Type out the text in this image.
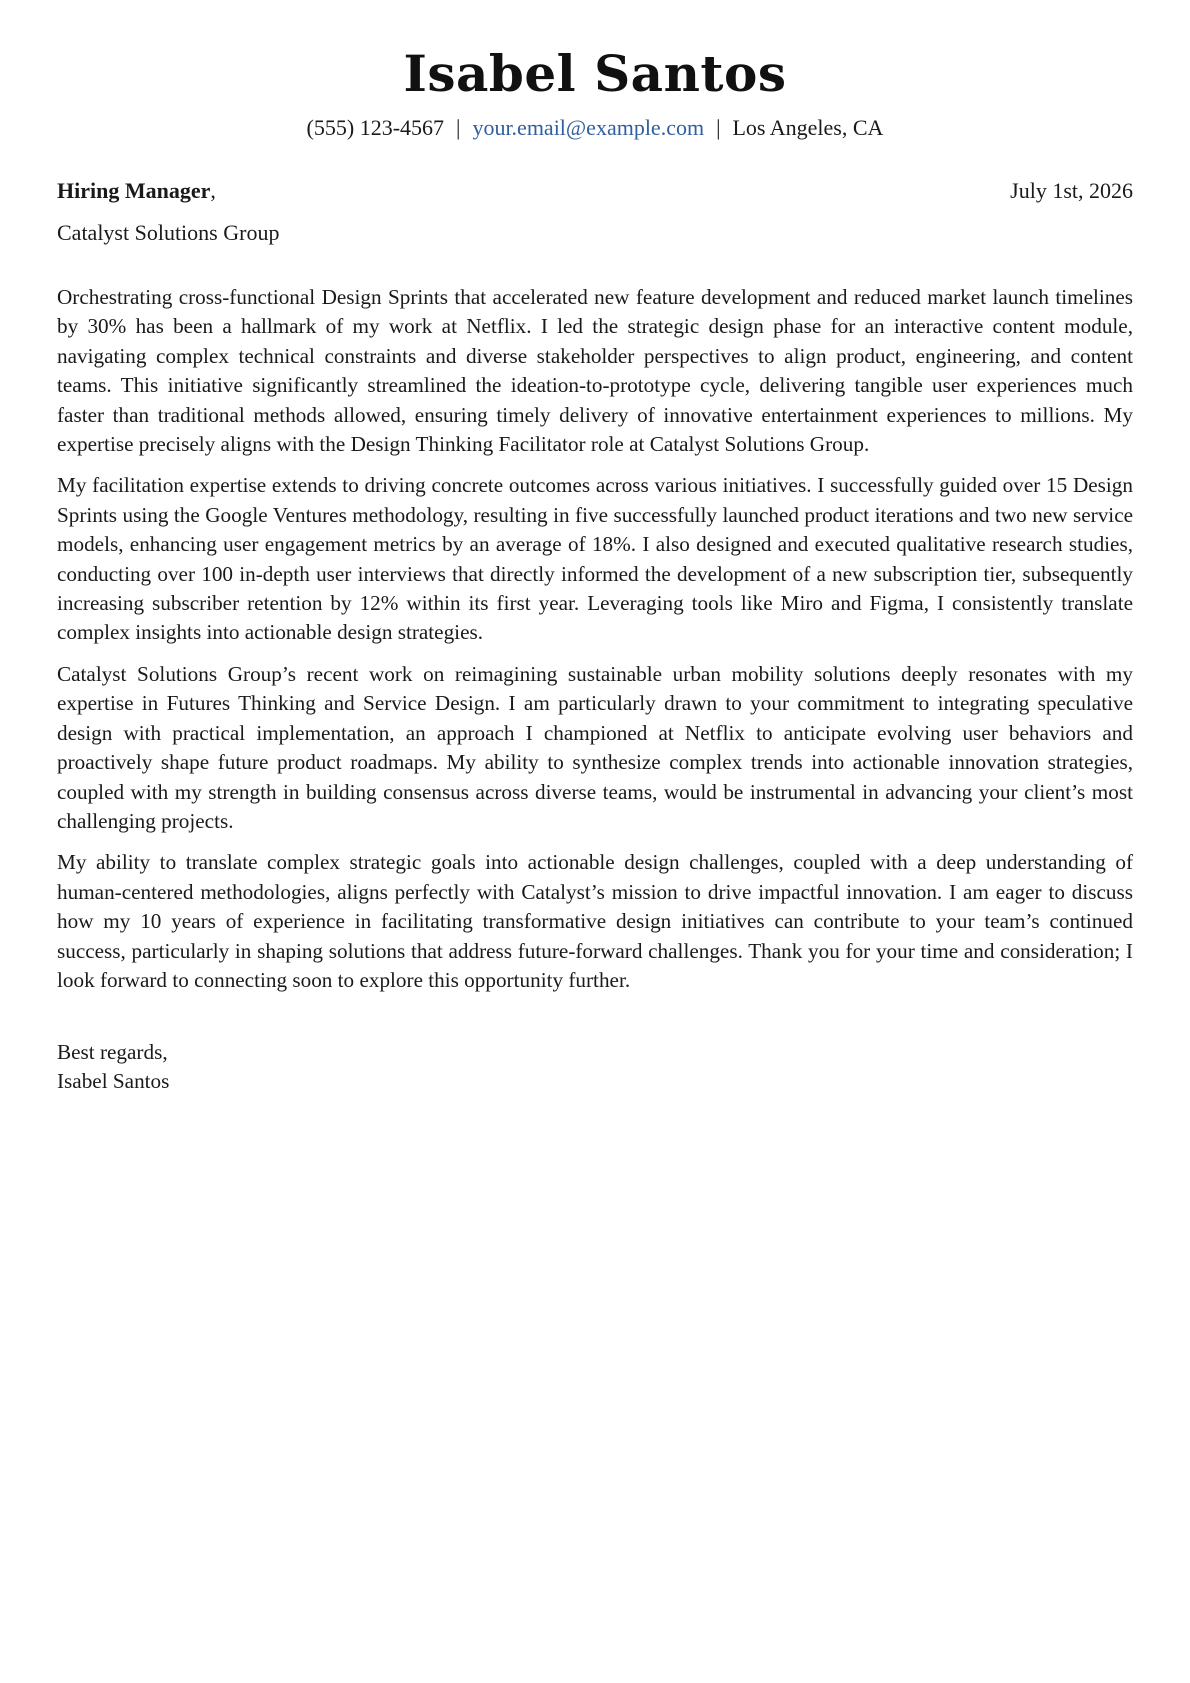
Isabel Santos
(555) 123-4567 | your.email@example.com | Los Angeles, CA
Hiring Manager,	July 1st, 2026
Catalyst Solutions Group

Orchestrating cross-functional Design Sprints that accelerated new feature development and reduced market launch timelines by 30% has been a hallmark of my work at Netflix. I led the strategic design phase for an interactive content module, navigating complex technical constraints and diverse stakeholder perspectives to align product, engineering, and content teams. This initiative significantly streamlined the ideation-to-prototype cycle, delivering tangible user experiences much faster than traditional methods allowed, ensuring timely delivery of innovative entertainment experiences to millions. My expertise precisely aligns with the Design Thinking Facilitator role at Catalyst Solutions Group.

My facilitation expertise extends to driving concrete outcomes across various initiatives. I successfully guided over 15 Design Sprints using the Google Ventures methodology, resulting in five successfully launched product iterations and two new service models, enhancing user engagement metrics by an average of 18%. I also designed and executed qualitative research studies, conducting over 100 in-depth user interviews that directly informed the development of a new subscription tier, subsequently increasing subscriber retention by 12% within its first year. Leveraging tools like Miro and Figma, I consistently translate complex insights into actionable design strategies.

Catalyst Solutions Group’s recent work on reimagining sustainable urban mobility solutions deeply resonates with my expertise in Futures Thinking and Service Design. I am particularly drawn to your commitment to integrating speculative design with practical implementation, an approach I championed at Netflix to anticipate evolving user behaviors and proactively shape future product roadmaps. My ability to synthesize complex trends into actionable innovation strategies, coupled with my strength in building consensus across diverse teams, would be instrumental in advancing your client’s most challenging projects.

My ability to translate complex strategic goals into actionable design challenges, coupled with a deep understanding of human-centered methodologies, aligns perfectly with Catalyst’s mission to drive impactful innovation. I am eager to discuss how my 10 years of experience in facilitating transformative design initiatives can contribute to your team’s continued success, particularly in shaping solutions that address future-forward challenges. Thank you for your time and consideration; I look forward to connecting soon to explore this opportunity further.

Best regards,
Isabel Santos
